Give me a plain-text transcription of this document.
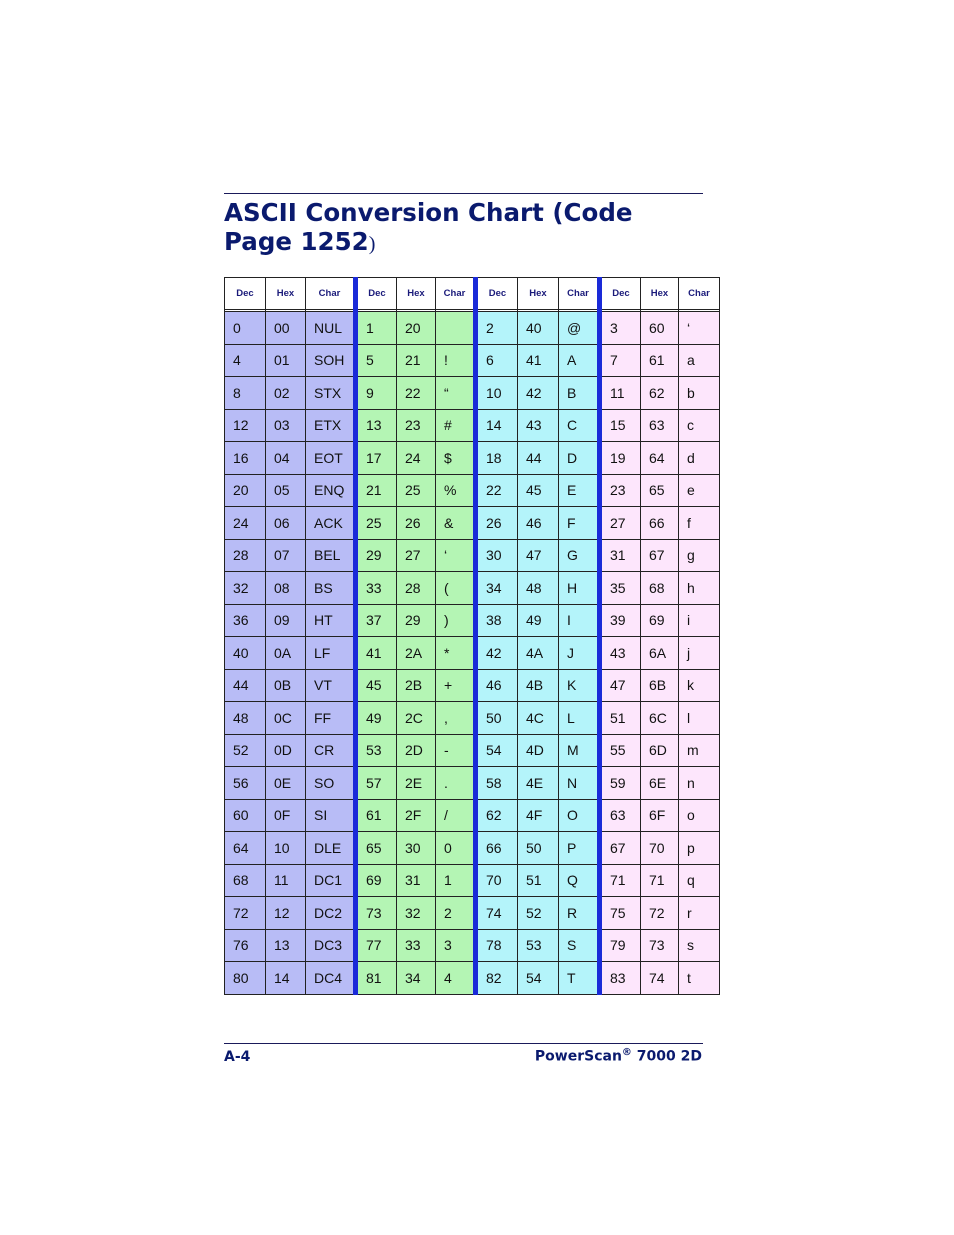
ASCII Conversion Chart (Code Page 1252)
Dec	Hex	Char	Dec	Hex	Char	Dec	Hex	Char	Dec	Hex	Char

0	00	NUL	1	20		2	40	@	3	60	‘
4	01	SOH	5	21	!	6	41	A	7	61	a
8	02	STX	9	22	“	10	42	B	11	62	b
12	03	ETX	13	23	#	14	43	C	15	63	c
16	04	EOT	17	24	$	18	44	D	19	64	d
20	05	ENQ	21	25	%	22	45	E	23	65	e
24	06	ACK	25	26	&	26	46	F	27	66	f
28	07	BEL	29	27	‘	30	47	G	31	67	g
32	08	BS	33	28	(	34	48	H	35	68	h
36	09	HT	37	29	)	38	49	I	39	69	i
40	0A	LF	41	2A	*	42	4A	J	43	6A	j
44	0B	VT	45	2B	+	46	4B	K	47	6B	k
48	0C	FF	49	2C	,	50	4C	L	51	6C	l
52	0D	CR	53	2D	-	54	4D	M	55	6D	m
56	0E	SO	57	2E	.	58	4E	N	59	6E	n
60	0F	SI	61	2F	/	62	4F	O	63	6F	o
64	10	DLE	65	30	0	66	50	P	67	70	p
68	11	DC1	69	31	1	70	51	Q	71	71	q
72	12	DC2	73	32	2	74	52	R	75	72	r
76	13	DC3	77	33	3	78	53	S	79	73	s
80	14	DC4	81	34	4	82	54	T	83	74	t
A-4	PowerScan® 7000 2D
